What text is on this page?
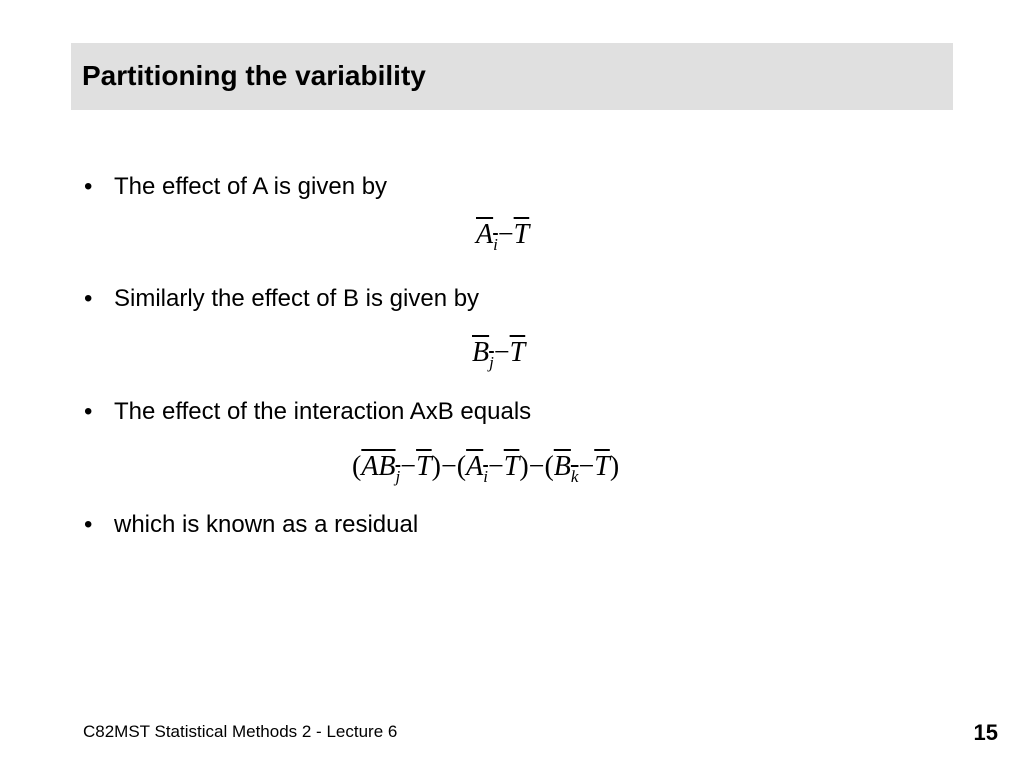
Partitioning the variability
• The effect of A is given by
$A_i-\overline{T}$
• Similarly the effect of B is given by
$B_j-\overline{T}$
• The effect of the interaction AxB equals
$(AB_j-\overline{T})-(A_i-\overline{T})-(B_k-\overline{T})$
• which is known as a residual
C82MST Statistical Methods 2 - Lecture 6	15
